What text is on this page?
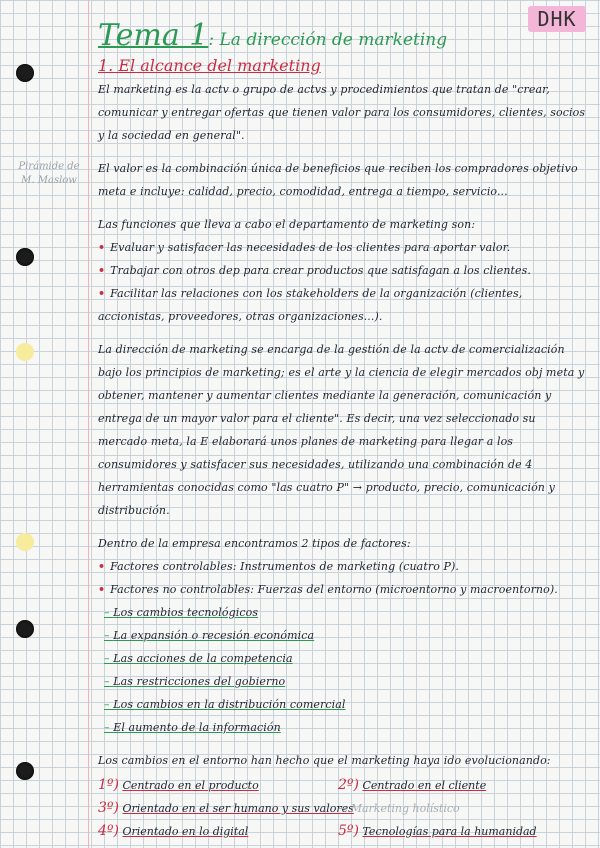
DHK
Pirámide de M. Maslow
Tema 1: La dirección de marketing
1. El alcance del marketing

El marketing es la actv o grupo de actvs y procedimientos que tratan de "crear, comunicar y entregar ofertas que tienen valor para los consumidores, clientes, socios y la sociedad en general".

El valor es la combinación única de beneficios que reciben los compradores objetivo meta e incluye: calidad, precio, comodidad, entrega a tiempo, servicio...

Las funciones que lleva a cabo el departamento de marketing son:

• Evaluar y satisfacer las necesidades de los clientes para aportar valor.
• Trabajar con otros dep para crear productos que satisfagan a los clientes.
• Facilitar las relaciones con los stakeholders de la organización (clientes, accionistas, proveedores, otras organizaciones...).

La dirección de marketing se encarga de la gestión de la actv de comercialización bajo los principios de marketing; es el arte y la ciencia de elegir mercados obj meta y obtener, mantener y aumentar clientes mediante la generación, comunicación y entrega de un mayor valor para el cliente". Es decir, una vez seleccionado su mercado meta, la E elaborará unos planes de marketing para llegar a los consumidores y satisfacer sus necesidades, utilizando una combinación de 4 herramientas conocidas como "las cuatro P" → producto, precio, comunicación y distribución.

Dentro de la empresa encontramos 2 tipos de factores:

• Factores controlables: Instrumentos de marketing (cuatro P).
• Factores no controlables: Fuerzas del entorno (microentorno y macroentorno).
– Los cambios tecnológicos
– La expansión o recesión económica
– Las acciones de la competencia
– Las restricciones del gobierno
– Los cambios en la distribución comercial
– El aumento de la información

Los cambios en el entorno han hecho que el marketing haya ido evolucionando:

1º) Centrado en el producto	2º) Centrado en el cliente
3º) Orientado en el ser humano y sus valores
→ Marketing holístico
4º) Orientado en lo digital	5º) Tecnologías para la humanidad
